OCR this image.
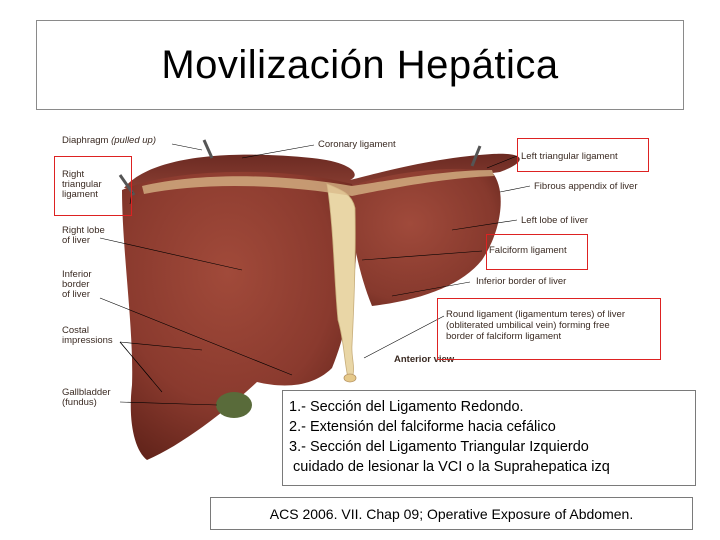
Movilización Hepática
Diaphragm (pulled up)	Coronary ligament
Right
triangular
ligament
Left triangular ligament
Fibrous appendix of liver
Left lobe of liver
Right lobe
of liver
Falciform ligament
Inferior border of liver
Inferior
border
of liver
Round ligament (ligamentum teres) of liver
(obliterated umbilical vein) forming free
border of falciform ligament
Anterior view
Costal
impressions
Gallbladder
(fundus)	1.- Sección del Ligamento Redondo.
2.- Extensión del falciforme hacia cefálico
3.- Sección del Ligamento Triangular Izquierdo
cuidado de lesionar la VCI o la Suprahepatica izq
ACS 2006. VII. Chap 09; Operative Exposure of Abdomen.
